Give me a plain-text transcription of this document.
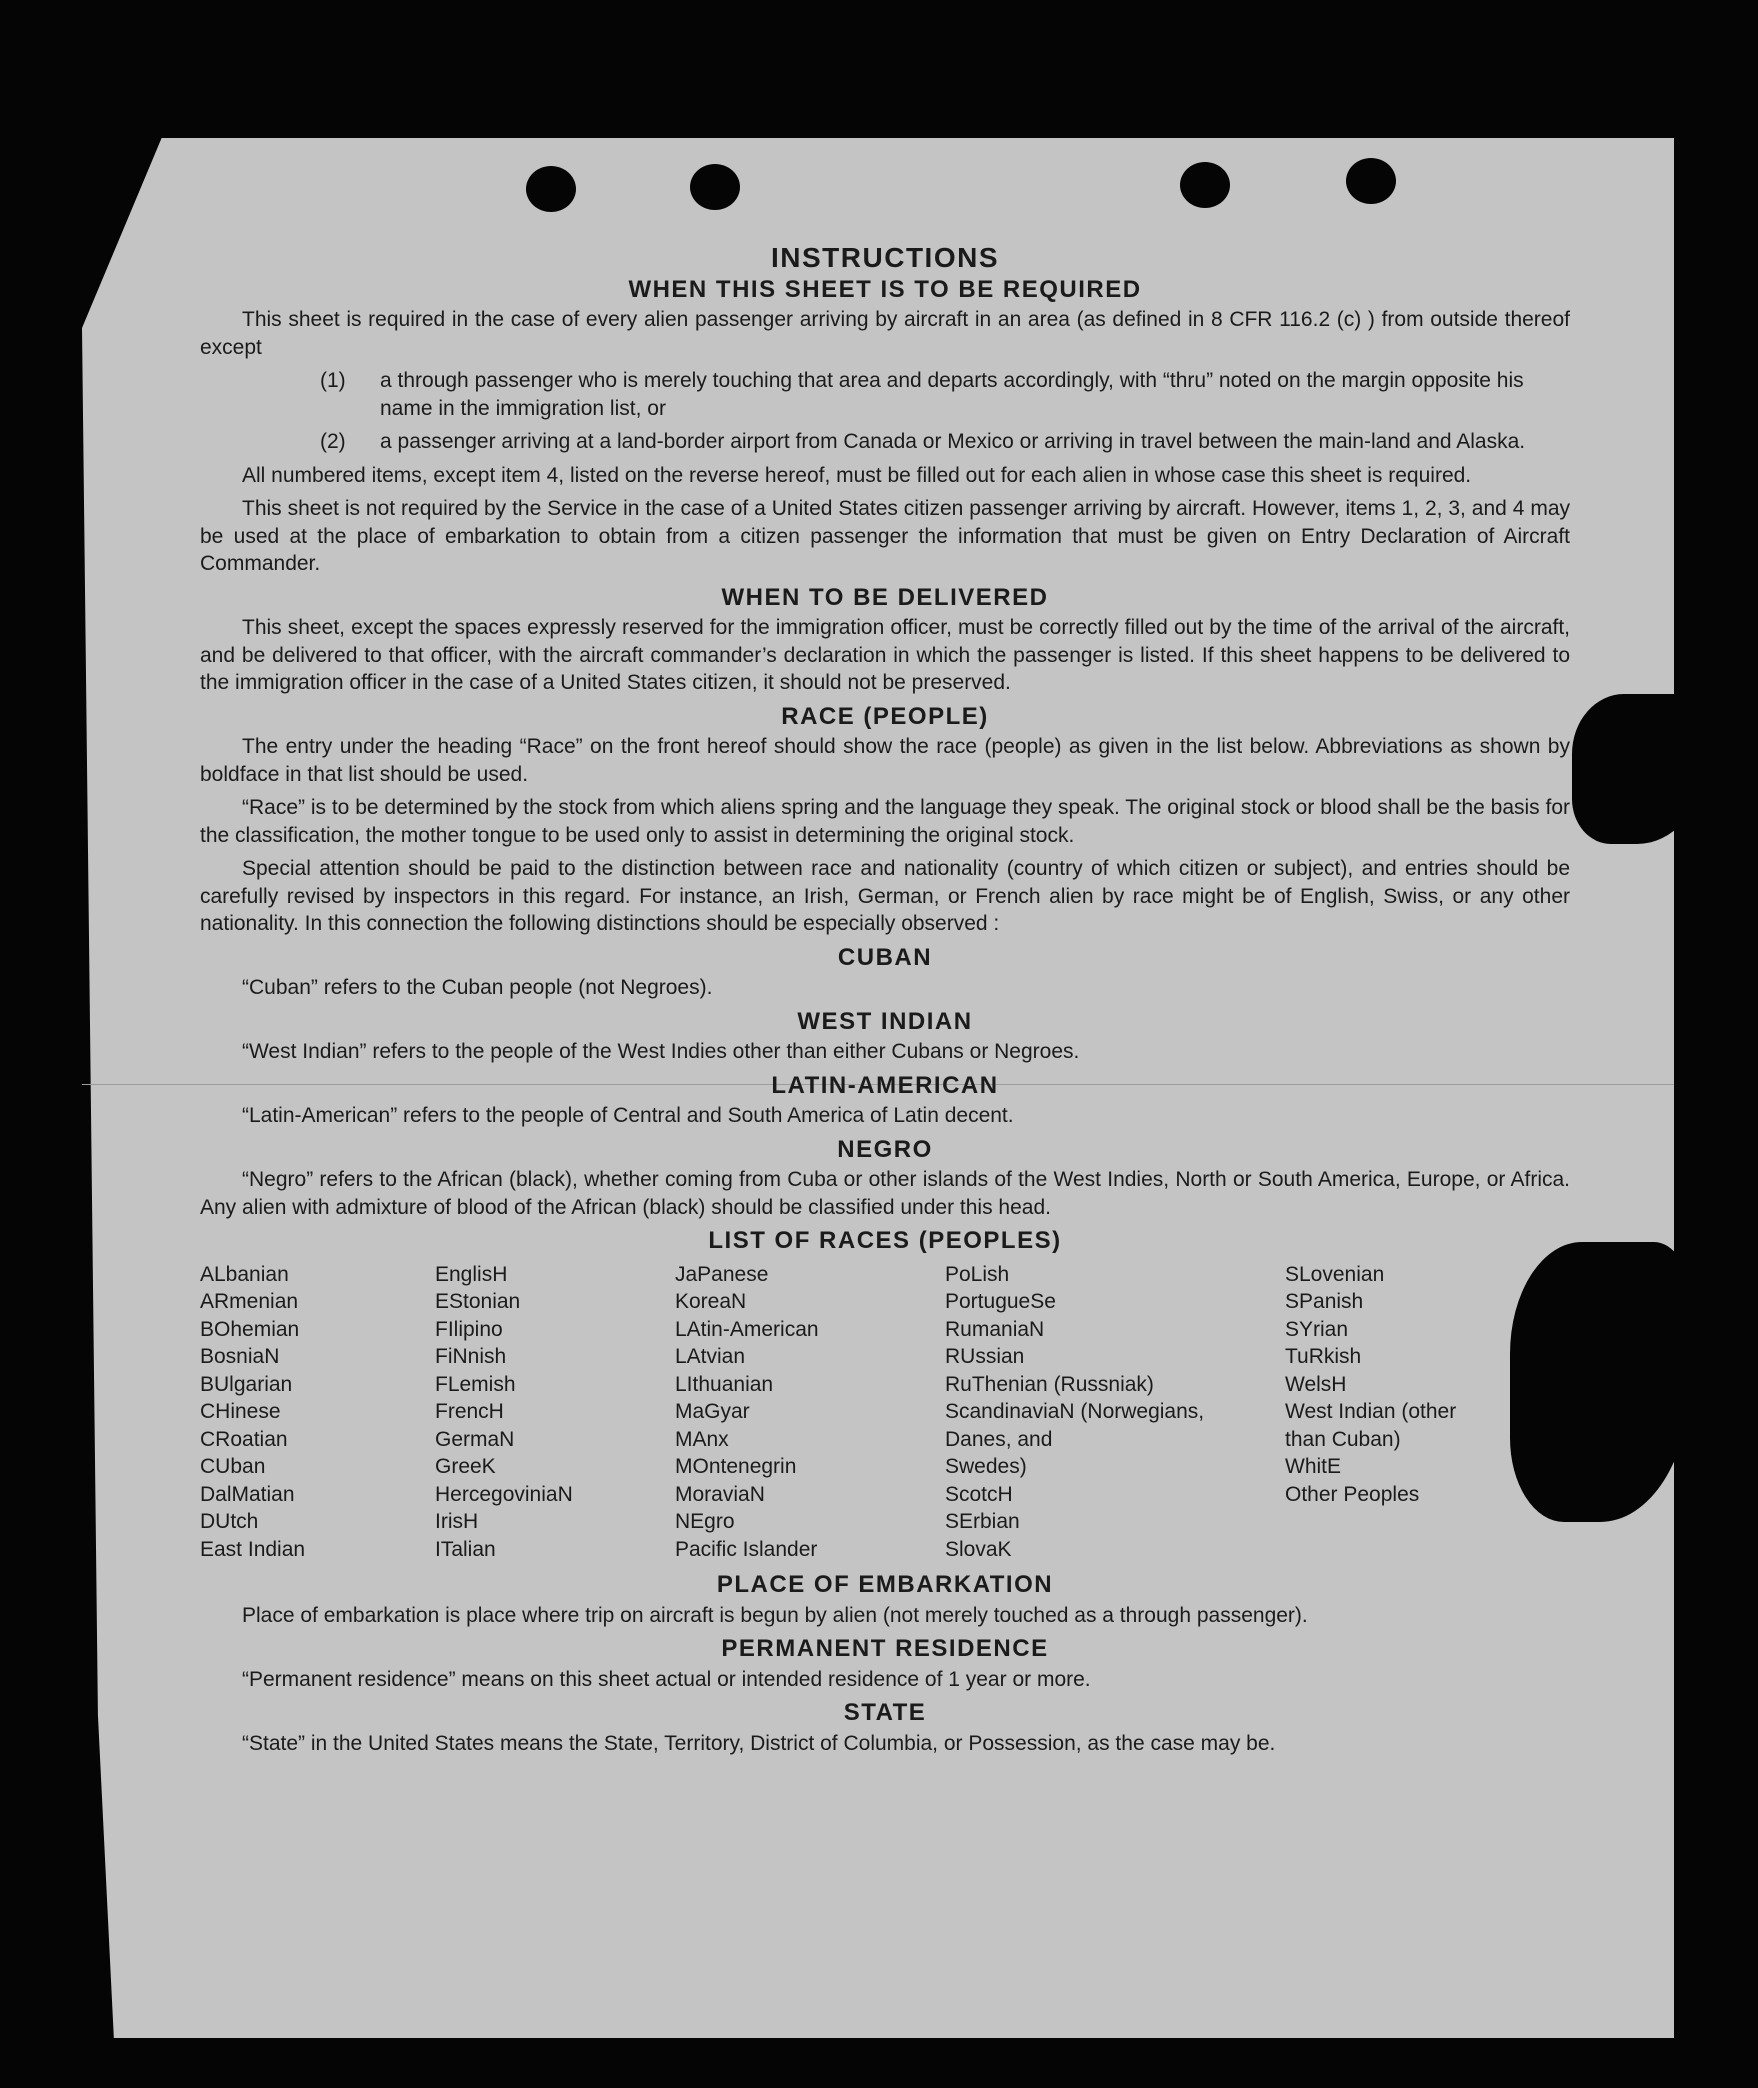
INSTRUCTIONS
WHEN THIS SHEET IS TO BE REQUIRED

This sheet is required in the case of every alien passenger arriving by aircraft in an area (as defined in 8 CFR 116.2 (c) ) from outside thereof except

(1)	a through passenger who is merely touching that area and departs accordingly, with “thru” noted on the margin opposite his name in the immigration list, or
(2)	a passenger arriving at a land-border airport from Canada or Mexico or arriving in travel between the main-land and Alaska.

All numbered items, except item 4, listed on the reverse hereof, must be filled out for each alien in whose case this sheet is required.

This sheet is not required by the Service in the case of a United States citizen passenger arriving by aircraft. However, items 1, 2, 3, and 4 may be used at the place of embarkation to obtain from a citizen passenger the information that must be given on Entry Declaration of Aircraft Commander.

WHEN TO BE DELIVERED

This sheet, except the spaces expressly reserved for the immigration officer, must be correctly filled out by the time of the arrival of the aircraft, and be delivered to that officer, with the aircraft commander’s declaration in which the passenger is listed. If this sheet happens to be delivered to the immigration officer in the case of a United States citizen, it should not be preserved.

RACE (PEOPLE)

The entry under the heading “Race” on the front hereof should show the race (people) as given in the list below. Abbreviations as shown by boldface in that list should be used.

“Race” is to be determined by the stock from which aliens spring and the language they speak. The original stock or blood shall be the basis for the classification, the mother tongue to be used only to assist in determining the original stock.

Special attention should be paid to the distinction between race and nationality (country of which citizen or subject), and entries should be carefully revised by inspectors in this regard. For instance, an Irish, German, or French alien by race might be of English, Swiss, or any other nationality. In this connection the following distinctions should be especially observed :

CUBAN

“Cuban” refers to the Cuban people (not Negroes).

WEST INDIAN

“West Indian” refers to the people of the West Indies other than either Cubans or Negroes.

LATIN-AMERICAN

“Latin-American” refers to the people of Central and South America of Latin decent.

NEGRO

“Negro” refers to the African (black), whether coming from Cuba or other islands of the West Indies, North or South America, Europe, or Africa. Any alien with admixture of blood of the African (black) should be classified under this head.

LIST OF RACES (PEOPLES)
ALbanian
ARmenian
BOhemian
BosniaN
BUlgarian
CHinese
CRoatian
CUban
DalMatian
DUtch
East Indian
EnglisH
EStonian
FIlipino
FiNnish
FLemish
FrencH
GermaN
GreeK
HercegoviniaN
IrisH
ITalian
JaPanese
KoreaN
LAtin-American
LAtvian
LIthuanian
MaGyar
MAnx
MOntenegrin
MoraviaN
NEgro
Pacific Islander
PoLish
PortugueSe
RumaniaN
RUssian
RuThenian (Russniak)
ScandinaviaN (Norwegians,
Danes, and
Swedes)
ScotcH
SErbian
SlovaK
SLovenian
SPanish
SYrian
TuRkish
WelsH
West Indian (other
than Cuban)
WhitE
Other Peoples
PLACE OF EMBARKATION

Place of embarkation is place where trip on aircraft is begun by alien (not merely touched as a through passenger).

PERMANENT RESIDENCE

“Permanent residence” means on this sheet actual or intended residence of 1 year or more.

STATE

“State” in the United States means the State, Territory, District of Columbia, or Possession, as the case may be.
